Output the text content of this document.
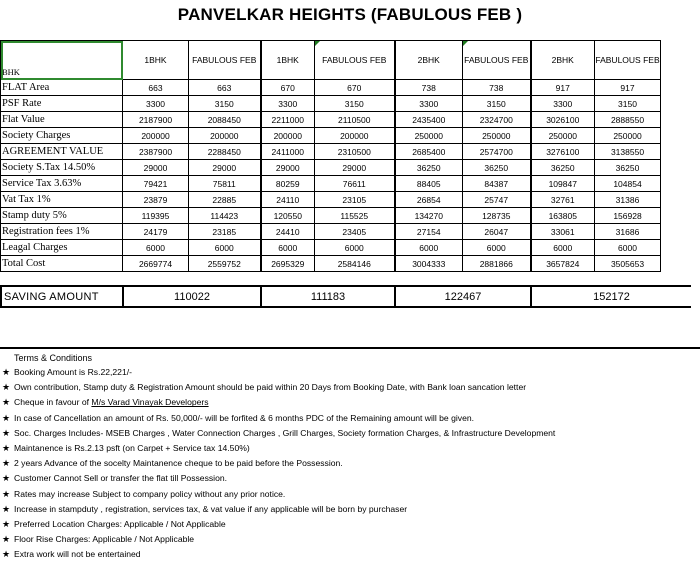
PANVELKAR HEIGHTS (FABULOUS FEB )
BHK	1BHK	FABULOUS FEB	1BHK	FABULOUS FEB	2BHK	FABULOUS FEB	2BHK	FABULOUS FEB
FLAT Area	663	663	670	670	738	738	917	917
PSF Rate	3300	3150	3300	3150	3300	3150	3300	3150
Flat Value	2187900	2088450	2211000	2110500	2435400	2324700	3026100	2888550
Society Charges	200000	200000	200000	200000	250000	250000	250000	250000
AGREEMENT VALUE	2387900	2288450	2411000	2310500	2685400	2574700	3276100	3138550
Society S.Tax 14.50%	29000	29000	29000	29000	36250	36250	36250	36250
Service Tax 3.63%	79421	75811	80259	76611	88405	84387	109847	104854
Vat Tax 1%	23879	22885	24110	23105	26854	25747	32761	31386
Stamp duty 5%	119395	114423	120550	115525	134270	128735	163805	156928
Registration fees 1%	24179	23185	24410	23405	27154	26047	33061	31686
Leagal Charges	6000	6000	6000	6000	6000	6000	6000	6000
Total Cost	2669774	2559752	2695329	2584146	3004333	2881866	3657824	3505653
SAVING AMOUNT	110022	111183	122467	152172
Terms & Conditions
★ Booking Amount is Rs.22,221/-
★ Own contribution, Stamp duty & Registration Amount should be paid within 20 Days from Booking Date, with Bank loan sancation letter
★ Cheque in favour of M/s Varad Vinayak Developers
★ In case of Cancellation an amount of Rs. 50,000/- will be forfited & 6 months PDC of the Remaining amount will be given.
★ Soc. Charges Includes- MSEB Charges , Water Connection Charges , Grill Charges, Society formation Charges, & Infrastructure Development
★ Maintanence is Rs.2.13 psft (on Carpet + Service tax 14.50%)
★ 2 years Advance of the socelty Maintanence cheque to be paid before the Possession.
★ Customer Cannot Sell or transfer the flat till Possession.
★ Rates may increase Subject to company policy without any prior notice.
★ Increase in stampduty , registration, services tax, & vat value if any applicable will be born by purchaser
★ Preferred Location Charges: Applicable / Not Applicable
★ Floor Rise Charges: Applicable / Not Applicable
★ Extra work will not be entertained
